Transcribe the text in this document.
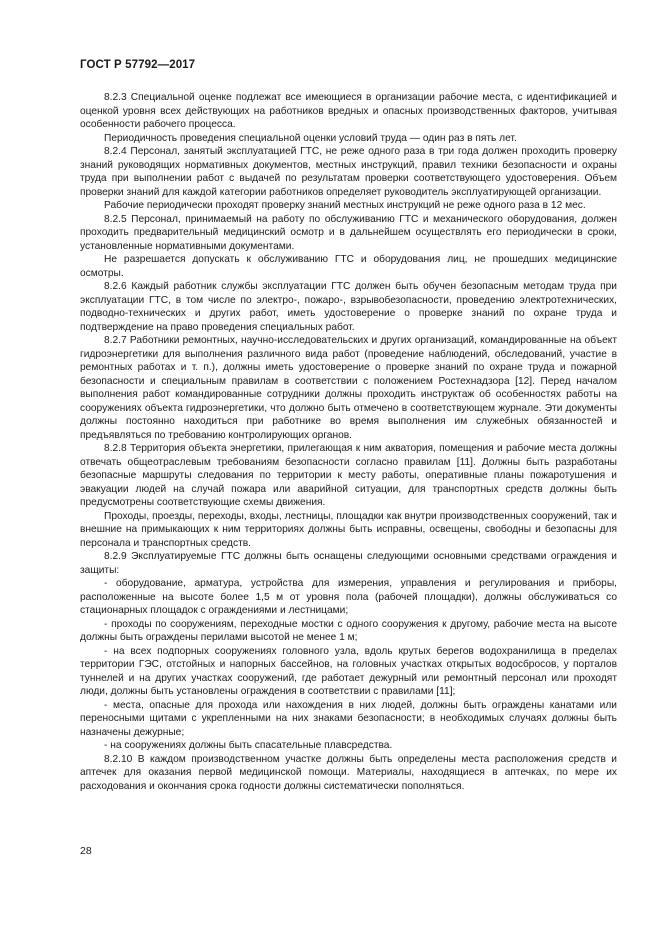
ГОСТ Р 57792—2017

8.2.3 Специальной оценке подлежат все имеющиеся в организации рабочие места, с идентификацией и оценкой уровня всех действующих на работников вредных и опасных производственных факторов, учитывая особенности рабочего процесса.

Периодичность проведения специальной оценки условий труда — один раз в пять лет.

8.2.4 Персонал, занятый эксплуатацией ГТС, не реже одного раза в три года должен проходить проверку знаний руководящих нормативных документов, местных инструкций, правил техники безопасности и охраны труда при выполнении работ с выдачей по результатам проверки соответствующего удостоверения. Объем проверки знаний для каждой категории работников определяет руководитель эксплуатирующей организации.

Рабочие периодически проходят проверку знаний местных инструкций не реже одного раза в 12 мес.

8.2.5 Персонал, принимаемый на работу по обслуживанию ГТС и механического оборудования, должен проходить предварительный медицинский осмотр и в дальнейшем осуществлять его периодически в сроки, установленные нормативными документами.

Не разрешается допускать к обслуживанию ГТС и оборудования лиц, не прошедших медицинские осмотры.

8.2.6 Каждый работник службы эксплуатации ГТС должен быть обучен безопасным методам труда при эксплуатации ГТС, в том числе по электро-, пожаро-, взрывобезопасности, проведению электротехнических, подводно-технических и других работ, иметь удостоверение о проверке знаний по охране труда и подтверждение на право проведения специальных работ.

8.2.7 Работники ремонтных, научно-исследовательских и других организаций, командированные на объект гидроэнергетики для выполнения различного вида работ (проведение наблюдений, обследований, участие в ремонтных работах и т. п.), должны иметь удостоверение о проверке знаний по охране труда и пожарной безопасности и специальным правилам в соответствии с положением Ростехнадзора [12]. Перед началом выполнения работ командированные сотрудники должны проходить инструктаж об особенностях работы на сооружениях объекта гидроэнергетики, что должно быть отмечено в соответствующем журнале. Эти документы должны постоянно находиться при работнике во время выполнения им служебных обязанностей и предъявляться по требованию контролирующих органов.

8.2.8 Территория объекта энергетики, прилегающая к ним акватория, помещения и рабочие места должны отвечать общеотраслевым требованиям безопасности согласно правилам [11]. Должны быть разработаны безопасные маршруты следования по территории к месту работы, оперативные планы пожаротушения и эвакуации людей на случай пожара или аварийной ситуации, для транспортных средств должны быть предусмотрены соответствующие схемы движения.

Проходы, проезды, переходы, входы, лестницы, площадки как внутри производственных сооружений, так и внешние на примыкающих к ним территориях должны быть исправны, освещены, свободны и безопасны для персонала и транспортных средств.

8.2.9 Эксплуатируемые ГТС должны быть оснащены следующими основными средствами ограждения и защиты:

- оборудование, арматура, устройства для измерения, управления и регулирования и приборы, расположенные на высоте более 1,5 м от уровня пола (рабочей площадки), должны обслуживаться со стационарных площадок с ограждениями и лестницами;

- проходы по сооружениям, переходные мостки с одного сооружения к другому, рабочие места на высоте должны быть ограждены перилами высотой не менее 1 м;

- на всех подпорных сооружениях головного узла, вдоль крутых берегов водохранилища в пределах территории ГЭС, отстойных и напорных бассейнов, на головных участках открытых водосбросов, у порталов туннелей и на других участках сооружений, где работает дежурный или ремонтный персонал или проходят люди, должны быть установлены ограждения в соответствии с правилами [11];

- места, опасные для прохода или нахождения в них людей, должны быть ограждены канатами или переносными щитами с укрепленными на них знаками безопасности; в необходимых случаях должны быть назначены дежурные;

- на сооружениях должны быть спасательные плавсредства.

8.2.10 В каждом производственном участке должны быть определены места расположения средств и аптечек для оказания первой медицинской помощи. Материалы, находящиеся в аптечках, по мере их расходования и окончания срока годности должны систематически пополняться.

28
